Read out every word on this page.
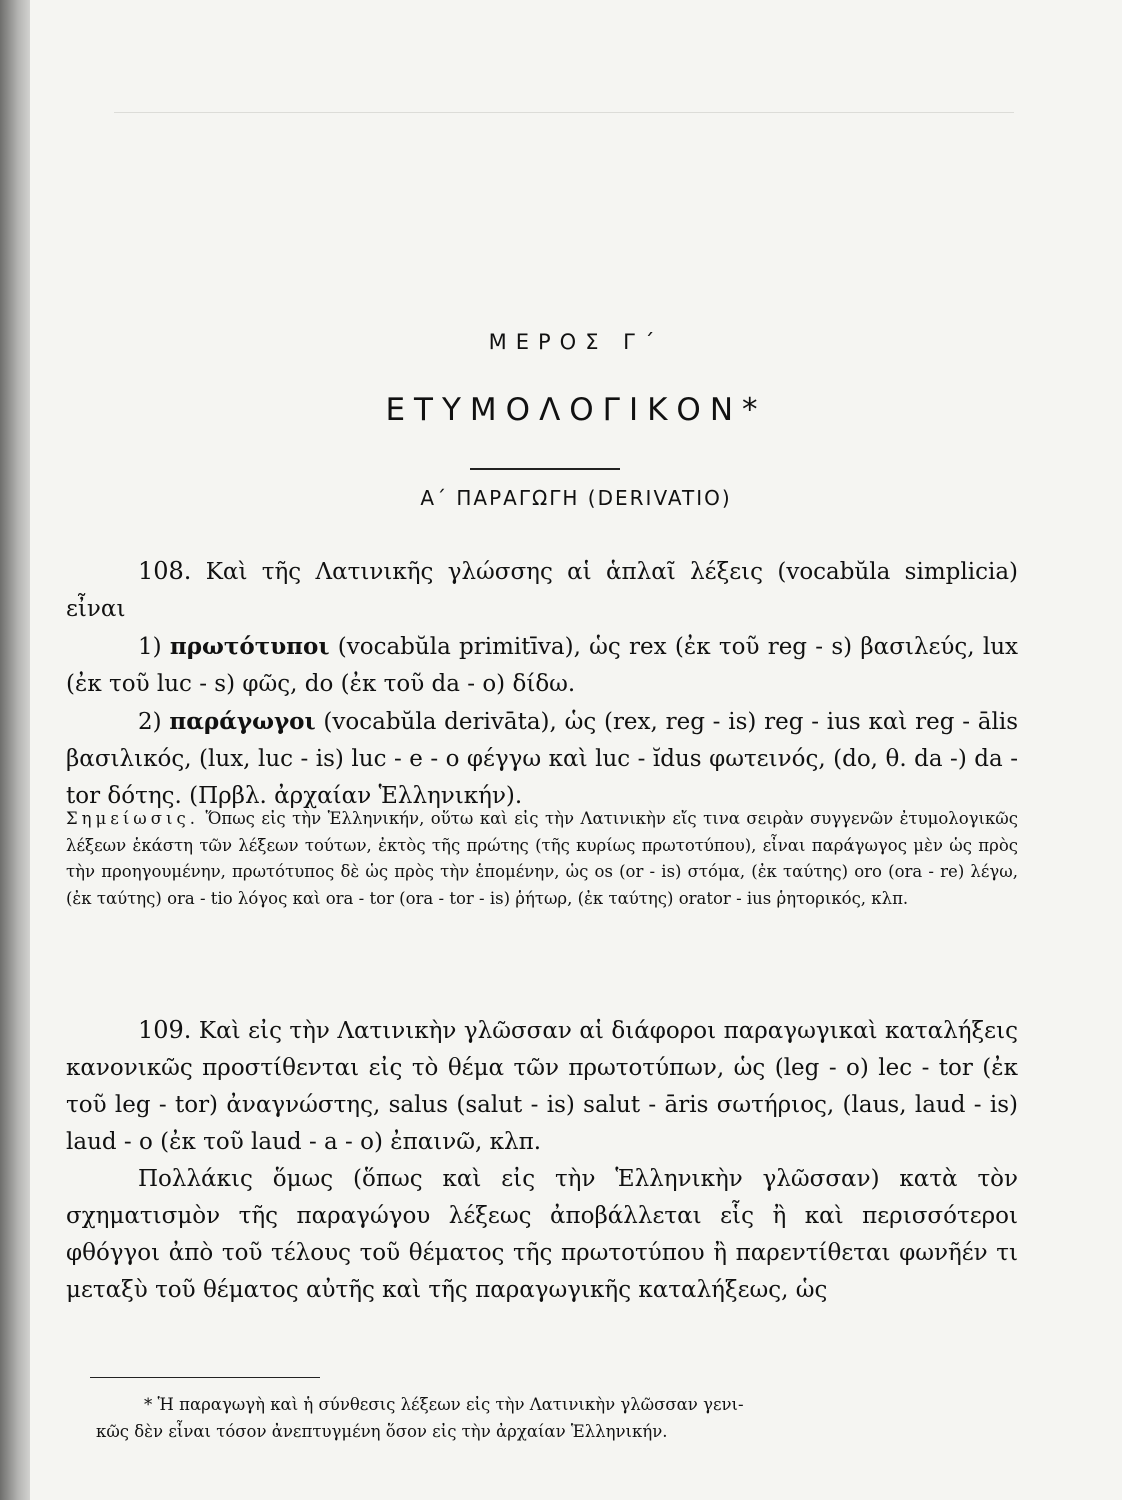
ΜΕΡΟΣ Γ΄
ΕΤΥΜΟΛΟΓΙΚΟΝ*
Α΄ ΠΑΡΑΓΩΓΗ (DERIVATIO)

108. Καὶ τῆς Λατινικῆς γλώσσης αἱ ἁπλαῖ λέξεις (vocabŭla simplicia) εἶναι

1) πρωτότυποι (vocabŭla primitīva), ὡς rex (ἐκ τοῦ reg - s) βασιλεύς, lux (ἐκ τοῦ luc - s) φῶς, do (ἐκ τοῦ da - o) δίδω.

2) παράγωγοι (vocabŭla derivāta), ὡς (rex, reg - is) reg - ius καὶ reg - ālis βασιλικός, (lux, luc - is) luc - e - o φέγγω καὶ luc - ĭdus φωτεινός, (do, θ. da -) da - tor δότης. (Πρβλ. ἀρχαίαν Ἑλληνικήν).

Σημείωσις. Ὅπως εἰς τὴν Ἑλληνικήν, οὕτω καὶ εἰς τὴν Λατινικὴν εἴς τινα σειρὰν συγγενῶν ἐτυμολογικῶς λέξεων ἑκάστη τῶν λέξεων τούτων, ἐκτὸς τῆς πρώτης (τῆς κυρίως πρωτοτύπου), εἶναι παράγωγος μὲν ὡς πρὸς τὴν προηγουμένην, πρωτότυπος δὲ ὡς πρὸς τὴν ἑπομένην, ὡς os (or - is) στόμα, (ἐκ ταύτης) oro (ora - re) λέγω, (ἐκ ταύτης) ora - tio λόγος καὶ ora - tor (ora - tor - is) ῥήτωρ, (ἐκ ταύτης) orator - ius ῥητορικός, κλπ.

109. Καὶ εἰς τὴν Λατινικὴν γλῶσσαν αἱ διάφοροι παραγωγικαὶ καταλήξεις κανονικῶς προστίθενται εἰς τὸ θέμα τῶν πρωτοτύπων, ὡς (leg - o) lec - tor (ἐκ τοῦ leg - tor) ἀναγνώστης, salus (salut - is) salut - āris σωτήριος, (laus, laud - is) laud - o (ἐκ τοῦ laud - a - o) ἐπαινῶ, κλπ.

Πολλάκις ὅμως (ὅπως καὶ εἰς τὴν Ἑλληνικὴν γλῶσσαν) κατὰ τὸν σχηματισμὸν τῆς παραγώγου λέξεως ἀποβάλλεται εἷς ἢ καὶ περισσότεροι φθόγγοι ἀπὸ τοῦ τέλους τοῦ θέματος τῆς πρωτοτύπου ἢ παρεντίθεται φωνῆέν τι μεταξὺ τοῦ θέματος αὐτῆς καὶ τῆς παραγωγικῆς καταλήξεως, ὡς

* Ἡ παραγωγὴ καὶ ἡ σύνθεσις λέξεων εἰς τὴν Λατινικὴν γλῶσσαν γενι-

κῶς δὲν εἶναι τόσον ἀνεπτυγμένη ὅσον εἰς τὴν ἀρχαίαν Ἑλληνικήν.
